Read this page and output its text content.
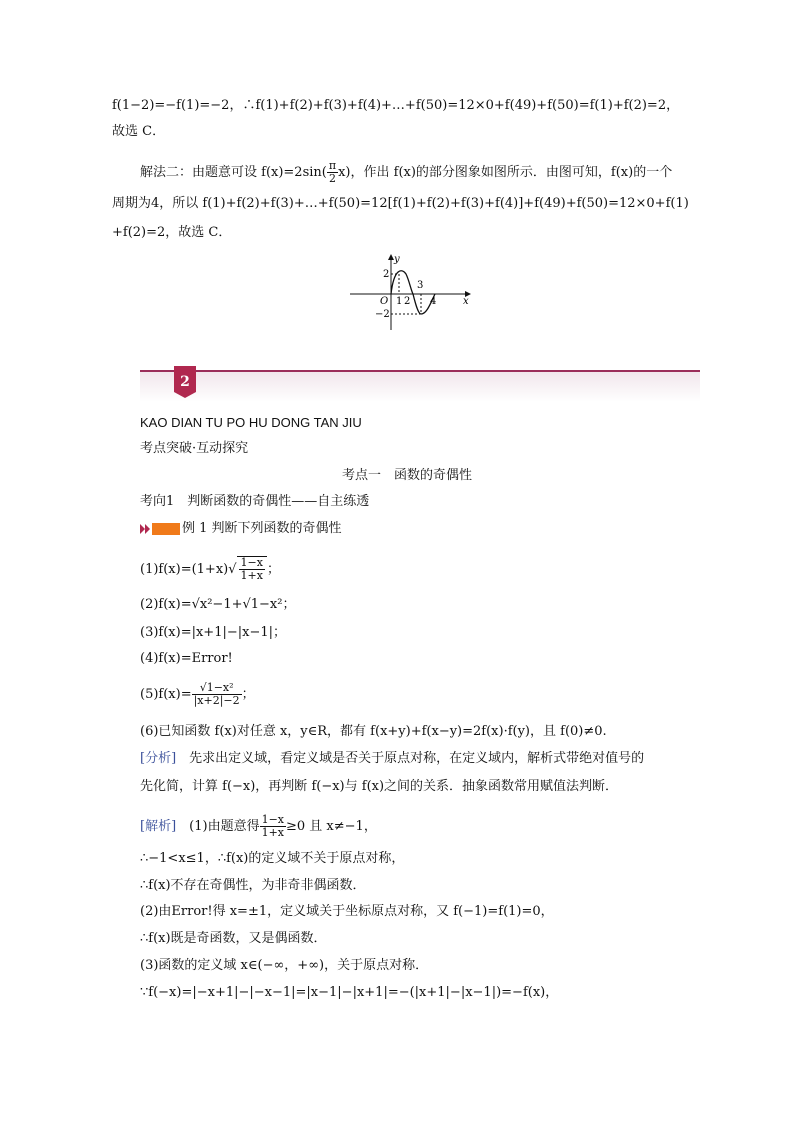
f(1−2)=−f(1)=−2，∴f(1)+f(2)+f(3)+f(4)+…+f(50)=12×0+f(49)+f(50)=f(1)+f(2)=2，
故选 C．
解法二：由题意可设 $f(x)=2\sin( \frac{\pi}{2} x)$，作出 f(x)的部分图象如图所示．由图可知，f(x)的一个
周期为4，所以 f(1)+f(2)+f(3)+…+f(50)=12[f(1)+f(2)+f(3)+f(4)]+f(49)+f(50)=12×0+f(1)
+f(2)=2，故选 C．
y
x
O
2
−2
1 2
3
4
2
KAO DIAN TU PO HU DONG TAN JIU
考点突破·互动探究
考点一　函数的奇偶性
考向1　判断函数的奇偶性——自主练透
例 1 判断下列函数的奇偶性
$(1)f(x)=(1+x)√ \frac{1-x}{1+x}$ ；
(2)f(x)=√x²−1+√1−x²；
(3)f(x)=|x+1|−|x−1|；
(4)f(x)=Error!
$(5)f(x)= \frac{\text{√1−x²}}{|x+2|-2}$ ；
(6)已知函数 f(x)对任意 x，y∈R，都有 f(x+y)+f(x−y)=2f(x)·f(y)，且 f(0)≠0.
[分析]　先求出定义域，看定义域是否关于原点对称，在定义域内，解析式带绝对值号的
先化简，计算 f(−x)，再判断 f(−x)与 f(x)之间的关系．抽象函数常用赋值法判断．
[解析]　(1)由题意得 $\frac{1-x}{1+x} \ge 0$ 且 x≠−1，
∴−1<x≤1，∴f(x)的定义域不关于原点对称，
∴f(x)不存在奇偶性，为非奇非偶函数．
(2)由Error!得 x=±1，定义域关于坐标原点对称，又 f(−1)=f(1)=0，
∴f(x)既是奇函数，又是偶函数．
(3)函数的定义域 x∈(−∞，+∞)，关于原点对称．
∵f(−x)=|−x+1|−|−x−1|=|x−1|−|x+1|=−(|x+1|−|x−1|)=−f(x)，
